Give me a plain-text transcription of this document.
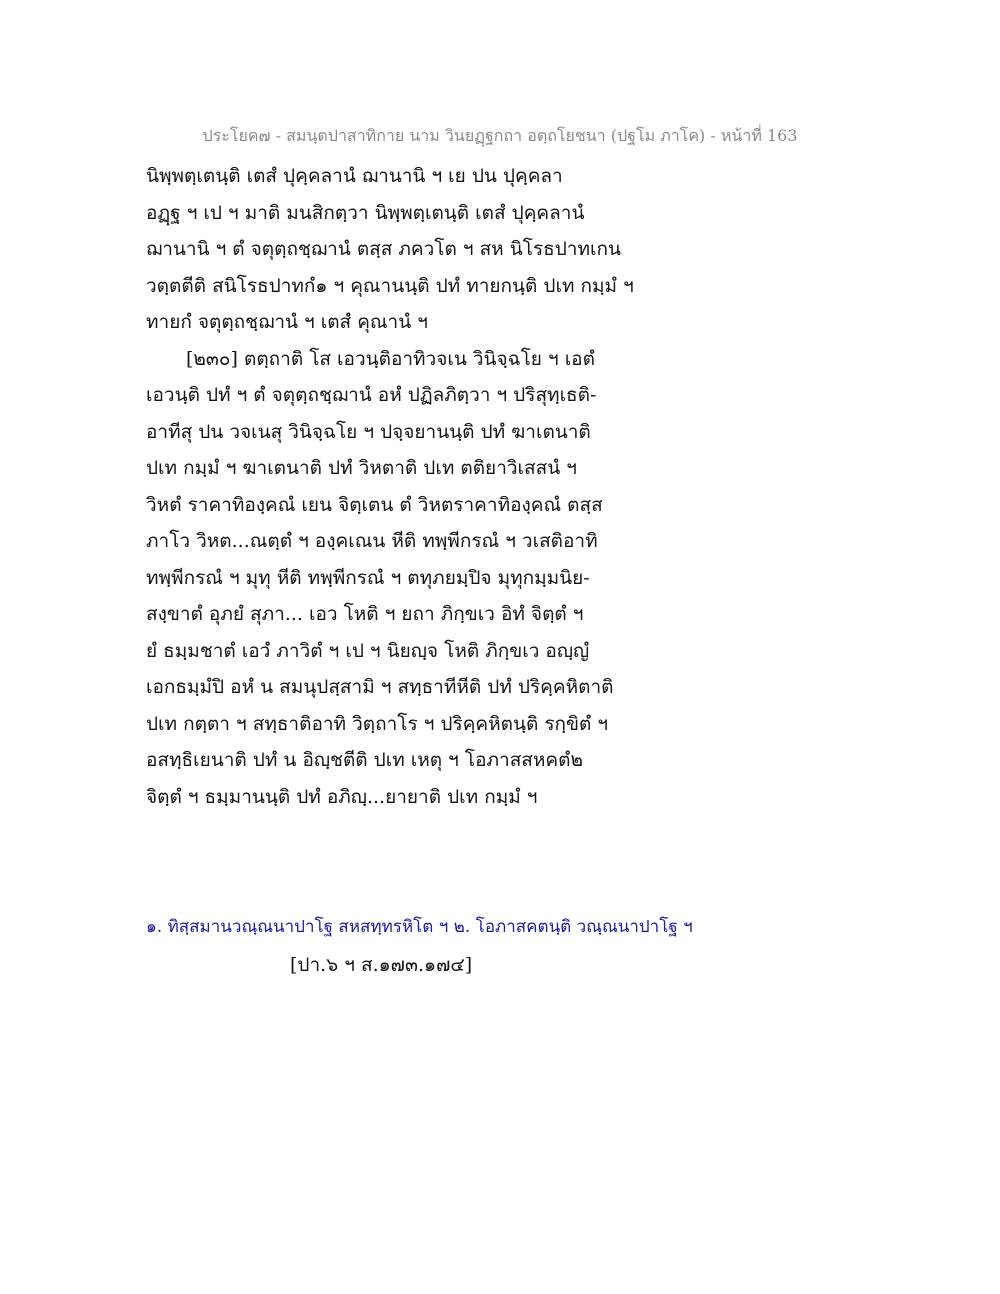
ประโยค๗ - สมนฺตปาสาทิกาย นาม วินยฏฺฐกถา อตฺถโยชนา (ปฐโม ภาโค) - หน้าที่ 163
นิพฺพตฺเตนฺติ เตสํ ปุคฺคลานํ ฌานานิ ฯ เย ปน ปุคฺคลา
อฏฺฐ ฯ เป ฯ มาติ มนสิกตฺวา นิพฺพตฺเตนฺติ เตสํ ปุคฺคลานํ
ฌานานิ ฯ ตํ จตุตฺถชฺฌานํ ตสฺส ภควโต ฯ สห นิโรธปาทเกน
วตฺตตีติ สนิโรธปาทกํ๑ ฯ คุณานนฺติ ปทํ ทายกนฺติ ปเท กมฺมํ ฯ
ทายกํ จตุตฺถชฺฌานํ ฯ เตสํ คุณานํ ฯ
[๒๓๐] ตตฺถาติ โส เอวนฺติอาทิวจเน วินิจฺฉโย ฯ เอตํ
เอวนฺติ ปทํ ฯ ตํ จตุตฺถชฺฌานํ อหํ ปฏิลภิตฺวา ฯ ปริสุทฺเธติ-
อาทีสุ ปน วจเนสุ วินิจฺฉโย ฯ ปจฺจยานนฺติ ปทํ ฆาเตนาติ
ปเท กมฺมํ ฯ ฆาเตนาติ ปทํ วิหตาติ ปเท ตติยาวิเสสนํ ฯ
วิหตํ ราคาทิองฺคณํ เยน จิตฺเตน ตํ วิหตราคาทิองฺคณํ ตสฺส
ภาโว วิหต...ณตฺตํ ฯ องฺคเณน หีติ ทพฺพีกรณํ ฯ วเสติอาทิ
ทพฺพีกรณํ ฯ มุทุ หีติ ทพฺพีกรณํ ฯ ตทุภยมฺปิจ มุทุกมฺมนิย-
สงฺขาตํ อุภยํ สุภา... เอว โหติ ฯ ยถา ภิกฺขเว อิทํ จิตฺตํ ฯ
ยํ ธมฺมชาตํ เอวํ ภาวิตํ ฯ เป ฯ นิยญฺจ โหติ ภิกฺขเว อญฺญํ
เอกธมฺมํปิ อหํ น สมนุปสฺสามิ ฯ สทฺธาทีหีติ ปทํ ปริคฺคหิตาติ
ปเท กตฺตา ฯ สทฺธาติอาทิ วิตฺถาโร ฯ ปริคฺคหิตนฺติ รกฺขิตํ ฯ
อสทฺธิเยนาติ ปทํ น อิญฺชตีติ ปเท เหตุ ฯ โอภาสสหคตํ๒
จิตฺตํ ฯ ธมฺมานนฺติ ปทํ อภิญฺ...ยายาติ ปเท กมฺมํ ฯ
๑. ทิสฺสมานวณฺณนาปาโฐ สหสทฺทรหิโต ฯ ๒. โอภาสคตนฺติ วณฺณนาปาโฐ ฯ
[ปา.๖ ฯ ส.๑๗๓.๑๗๔]
